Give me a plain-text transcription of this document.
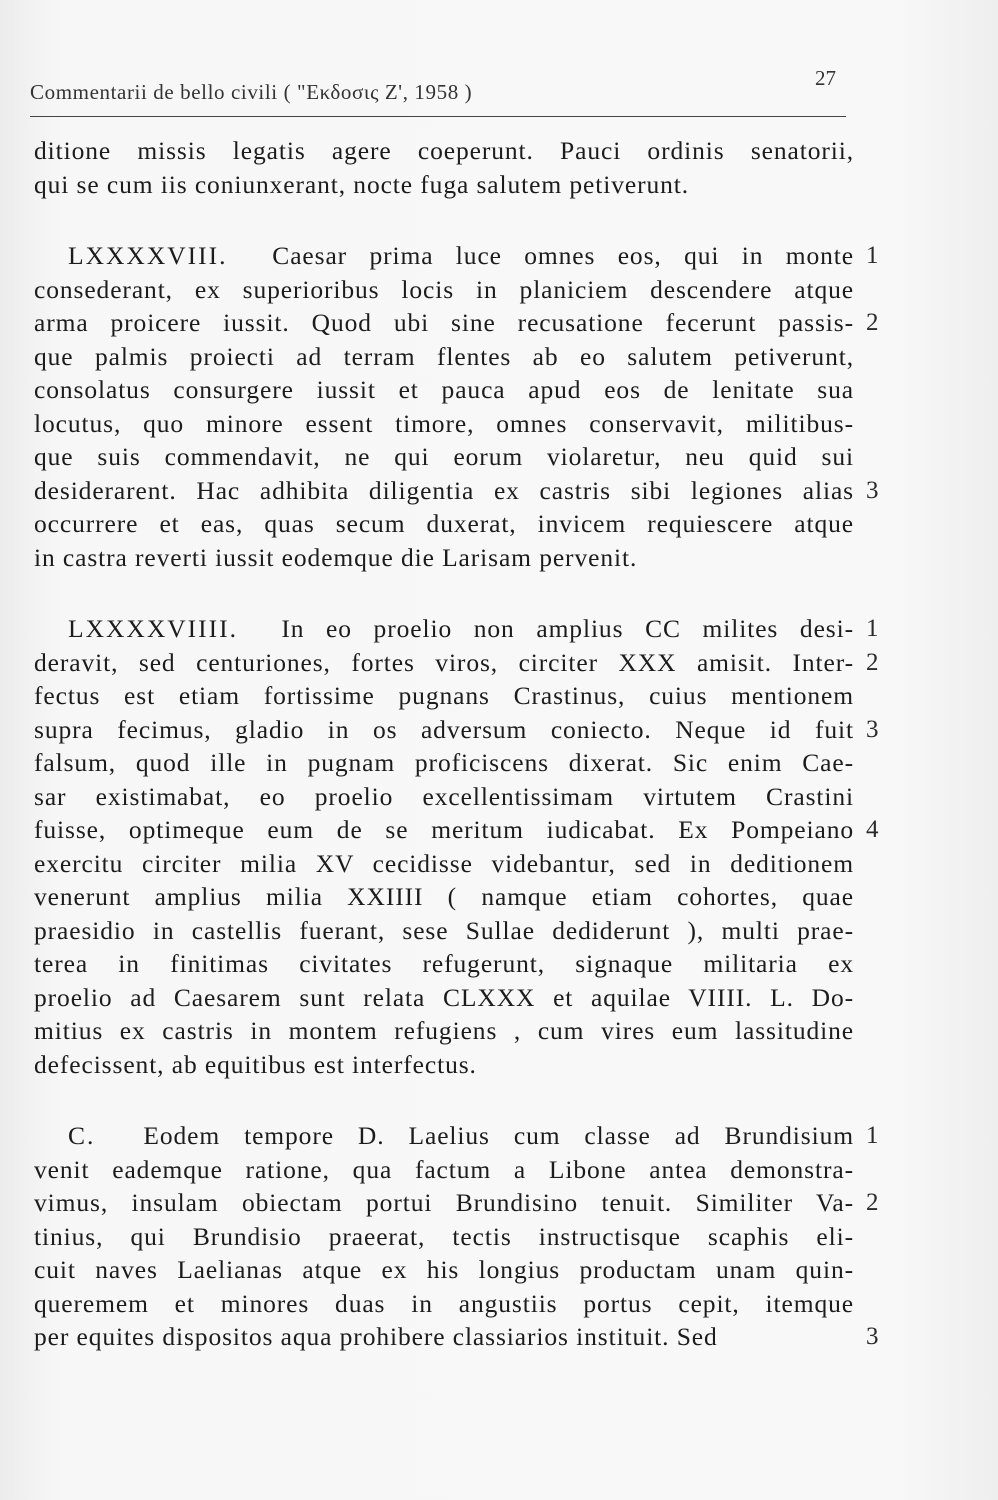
Commentarii de bello civili ( "Εκδοσις Ζ', 1958 )
27
ditione missis legatis agere coeperunt. Pauci ordinis senatorii,
qui se cum iis coniunxerant, nocte fuga salutem petiverunt.
LXXXXVIII. Caesar prima luce omnes eos, qui in monte 1
consederant, ex superioribus locis in planiciem descendere atque
arma proicere iussit. Quod ubi sine recusatione fecerunt passis- 2
que palmis proiecti ad terram flentes ab eo salutem petiverunt,
consolatus consurgere iussit et pauca apud eos de lenitate sua
locutus, quo minore essent timore, omnes conservavit, militibus-
que suis commendavit, ne qui eorum violaretur, neu quid sui
desiderarent. Hac adhibita diligentia ex castris sibi legiones alias 3
occurrere et eas, quas secum duxerat, invicem requiescere atque
in castra reverti iussit eodemque die Larisam pervenit.
LXXXXVIIII. In eo proelio non amplius CC milites desi- 1
deravit, sed centuriones, fortes viros, circiter XXX amisit. Inter- 2
fectus est etiam fortissime pugnans Crastinus, cuius mentionem
supra fecimus, gladio in os adversum coniecto. Neque id fuit 3
falsum, quod ille in pugnam proficiscens dixerat. Sic enim Cae-
sar existimabat, eo proelio excellentissimam virtutem Crastini
fuisse, optimeque eum de se meritum iudicabat. Ex Pompeiano 4
exercitu circiter milia XV cecidisse videbantur, sed in deditionem
venerunt amplius milia XXIIII ( namque etiam cohortes, quae
praesidio in castellis fuerant, sese Sullae dediderunt ), multi prae-
terea in finitimas civitates refugerunt, signaque militaria ex
proelio ad Caesarem sunt relata CLXXX et aquilae VIIII. L. Do-
mitius ex castris in montem refugiens , cum vires eum lassitudine
defecissent, ab equitibus est interfectus.
C. Eodem tempore D. Laelius cum classe ad Brundisium 1
venit eademque ratione, qua factum a Libone antea demonstra-
vimus, insulam obiectam portui Brundisino tenuit. Similiter Va- 2
tinius, qui Brundisio praeerat, tectis instructisque scaphis eli-
cuit naves Laelianas atque ex his longius productam unam quin-
queremem et minores duas in angustiis portus cepit, itemque
per equites dispositos aqua prohibere classiarios instituit. Sed	3
